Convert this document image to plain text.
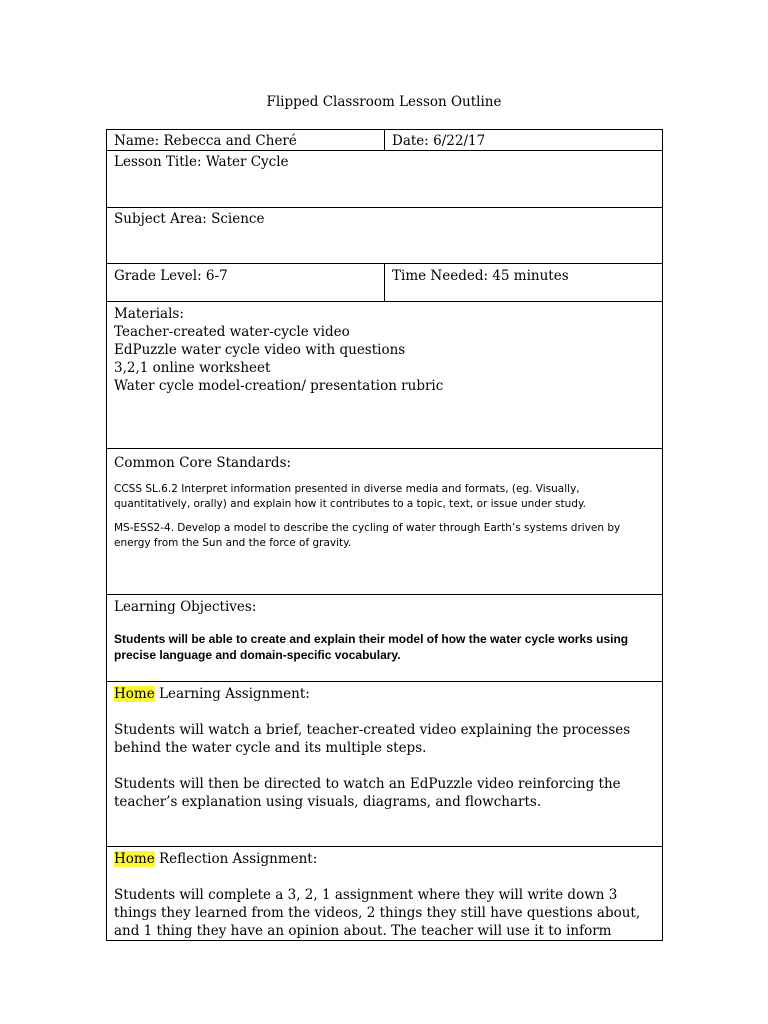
Flipped Classroom Lesson Outline
Name: Rebecca and Cheré	Date: 6/22/17
Lesson Title: Water Cycle	
Subject Area: Science	
Grade Level: 6-7	Time Needed: 45 minutes

Materials:
Teacher-created water-cycle video
EdPuzzle water cycle video with questions
3,2,1 online worksheet
Water cycle model-creation/ presentation rubric	

Common Core Standards:
CCSS SL.6.2 Interpret information presented in diverse media and formats, (eg. Visually, quantitatively, orally) and explain how it contributes to a topic, text, or issue under study.
MS-ESS2-4. Develop a model to describe the cycling of water through Earth’s systems driven by energy from the Sun and the force of gravity.	

Learning Objectives:
Students will be able to create and explain their model of how the water cycle works using precise language and domain-specific vocabulary.	

Home Learning Assignment:
Students will watch a brief, teacher-created video explaining the processes behind the water cycle and its multiple steps.
Students will then be directed to watch an EdPuzzle video reinforcing the teacher’s explanation using visuals, diagrams, and flowcharts.	

Home Reflection Assignment:
Students will complete a 3, 2, 1 assignment where they will write down 3 things they learned from the videos, 2 things they still have questions about, and 1 thing they have an opinion about. The teacher will use it to inform	
